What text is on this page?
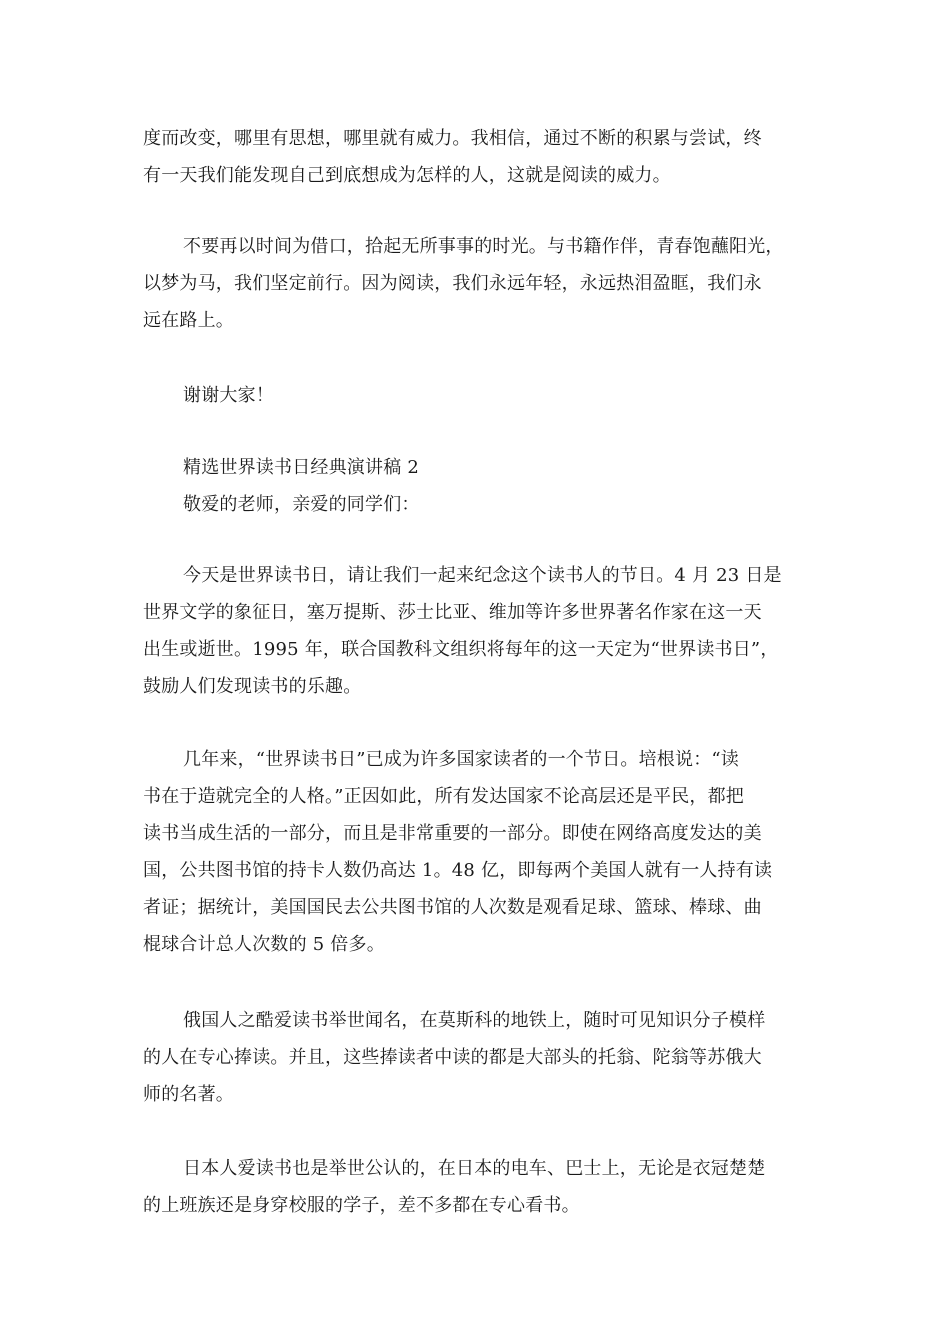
度而改变，哪里有思想，哪里就有威力。我相信，通过不断的积累与尝试，终
有一天我们能发现自己到底想成为怎样的人，这就是阅读的威力。
不要再以时间为借口，拾起无所事事的时光。与书籍作伴，青春饱蘸阳光，
以梦为马，我们坚定前行。因为阅读，我们永远年轻，永远热泪盈眶，我们永
远在路上。
谢谢大家！
精选世界读书日经典演讲稿 2
敬爱的老师，亲爱的同学们：
今天是世界读书日，请让我们一起来纪念这个读书人的节日。4 月 23 日是
世界文学的象征日，塞万提斯、莎士比亚、维加等许多世界著名作家在这一天
出生或逝世。1995 年，联合国教科文组织将每年的这一天定为“世界读书日”，
鼓励人们发现读书的乐趣。
几年来，“世界读书日”已成为许多国家读者的一个节日。培根说：“读
书在于造就完全的人格。”正因如此，所有发达国家不论高层还是平民，都把
读书当成生活的一部分，而且是非常重要的一部分。即使在网络高度发达的美
国，公共图书馆的持卡人数仍高达 1。48 亿，即每两个美国人就有一人持有读
者证；据统计，美国国民去公共图书馆的人次数是观看足球、篮球、棒球、曲
棍球合计总人次数的 5 倍多。
俄国人之酷爱读书举世闻名，在莫斯科的地铁上，随时可见知识分子模样
的人在专心捧读。并且，这些捧读者中读的都是大部头的托翁、陀翁等苏俄大
师的名著。
日本人爱读书也是举世公认的，在日本的电车、巴士上，无论是衣冠楚楚
的上班族还是身穿校服的学子，差不多都在专心看书。
